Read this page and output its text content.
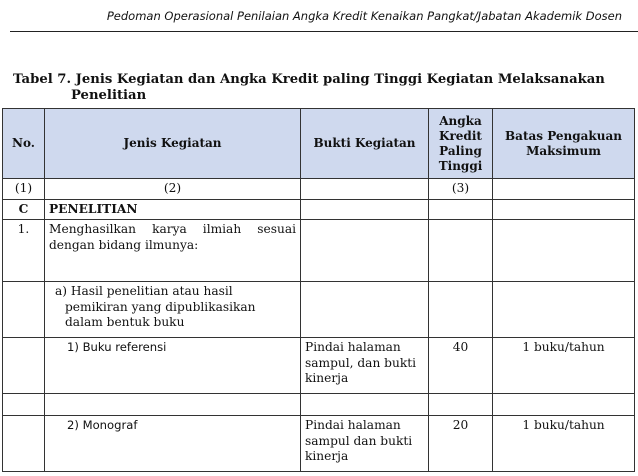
Pedoman Operasional Penilaian Angka Kredit Kenaikan Pangkat/Jabatan Akademik Dosen
Tabel 7. Jenis Kegiatan dan Angka Kredit paling Tinggi Kegiatan Melaksanakan
Penelitian
No.	Jenis Kegiatan	Bukti Kegiatan	Angka Kredit Paling Tinggi	Batas Pengakuan Maksimum
(1)	(2)		(3)	
C	PENELITIAN			
1.	Menghasilkan karya ilmiah sesuai
dengan bidang ilmunya:			

	a) Hasil penelitian atau hasil pemikiran yang dipublikasikan dalam bentuk buku			

	1) Buku referensi	Pindai halaman sampul, dan bukti kinerja	40	1 buku/tahun

	2) Monograf	Pindai halaman sampul dan bukti kinerja	20	1 buku/tahun
